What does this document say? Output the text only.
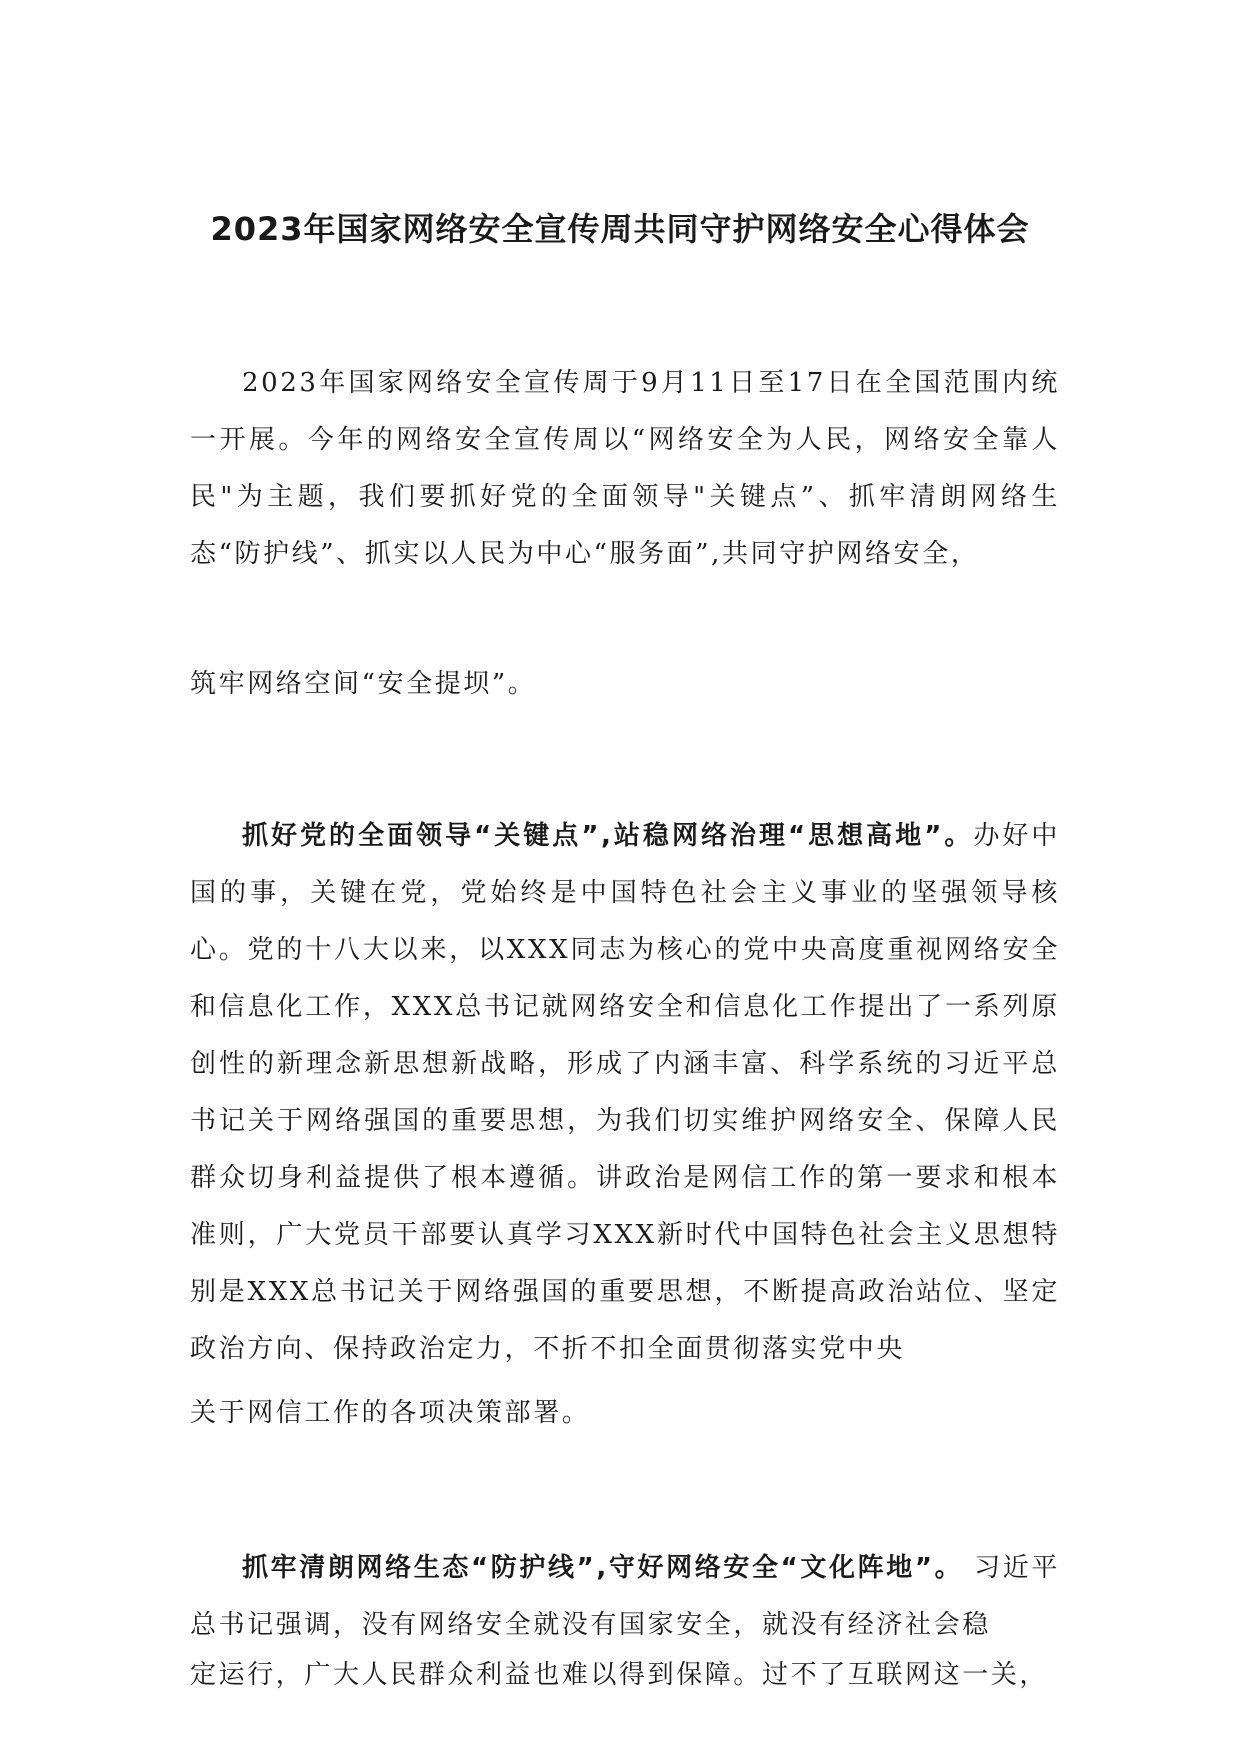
2023年国家网络安全宣传周共同守护网络安全心得体会

2023年国家网络安全宣传周于9月11日至17日在全国范围内统 一开展。今年的网络安全宣传周以“网络安全为人民，网络安全靠人 民"为主题，我们要抓好党的全面领导"关键点”、抓牢清朗网络生 态“防护线”、抓实以人民为中心“服务面”,共同守护网络安全，

筑牢网络空间“安全提坝”。

抓好党的全面领导“关键点”,站稳网络治理“思想高地”。办好中国的事，关键在党，党始终是中国特色社会主义事业的坚强领导核心。党的十八大以来，以XXX同志为核心的党中央高度重视网络安全和信息化工作，XXX总书记就网络安全和信息化工作提出了一系列原创性的新理念新思想新战略，形成了内涵丰富、科学系统的习近平总书记关于网络强国的重要思想，为我们切实维护网络安全、保障人民群众切身利益提供了根本遵循。讲政治是网信工作的第一要求和根本准则，广大党员干部要认真学习XXX新时代中国特色社会主义思想特别是XXX总书记关于网络强国的重要思想，不断提高政治站位、坚定政治方向、保持政治定力，不折不扣全面贯彻落实党中央

关于网信工作的各项决策部署。

抓牢清朗网络生态“防护线”,守好网络安全“文化阵地”。 习近平总书记强调，没有网络安全就没有国家安全，就没有经济社会稳

定运行，广大人民群众利益也难以得到保障。过不了互联网这一关，
